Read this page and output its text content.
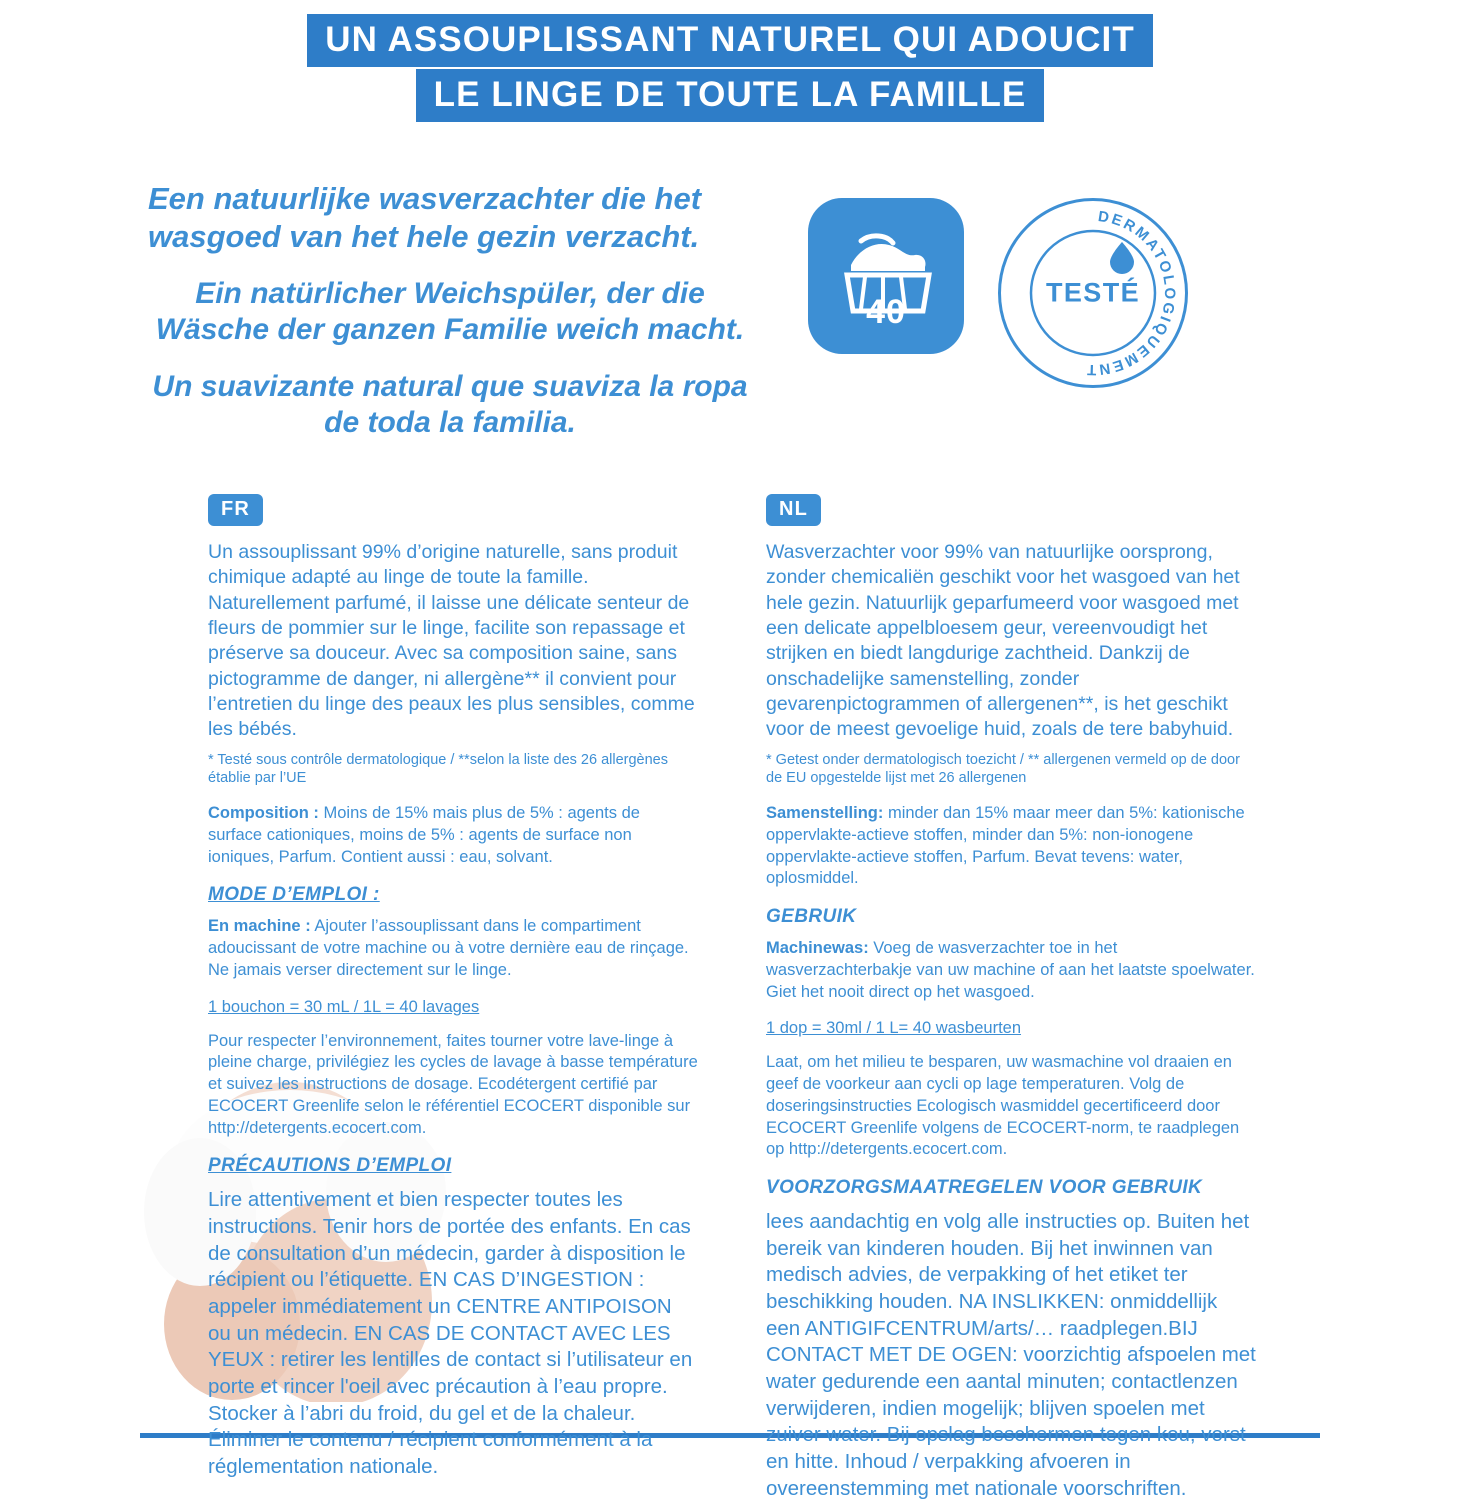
UN ASSOUPLISSANT NATUREL QUI ADOUCIT
LE LINGE DE TOUTE LA FAMILLE
Een natuurlijke wasverzachter die het wasgoed van het hele gezin verzacht.
Ein natürlicher Weichspüler, der die Wäsche der ganzen Familie weich macht.
Un suavizante natural que suaviza la ropa de toda la familia.
40
DERMATOLOGIQUEMENT
TESTÉ
FR

Un assouplissant 99% d’origine naturelle, sans produit chimique adapté au linge de toute la famille. Naturellement parfumé, il laisse une délicate senteur de fleurs de pommier sur le linge, facilite son repassage et préserve sa douceur. Avec sa composition saine, sans pictogramme de danger, ni allergène** il convient pour l’entretien du linge des peaux les plus sensibles, comme les bébés.

* Testé sous contrôle dermatologique / **selon la liste des 26 allergènes établie par l’UE

Composition : Moins de 15% mais plus de 5% : agents de surface cationiques, moins de 5% : agents de surface non ioniques, Parfum. Contient aussi : eau, solvant.

MODE D’EMPLOI :

En machine : Ajouter l’assouplissant dans le compartiment adoucissant de votre machine ou à votre dernière eau de rinçage. Ne jamais verser directement sur le linge.

1 bouchon = 30 mL / 1L = 40 lavages

Pour respecter l’environnement, faites tourner votre lave-linge à pleine charge, privilégiez les cycles de lavage à basse température et suivez les instructions de dosage. Ecodétergent certifié par ECOCERT Greenlife selon le référentiel ECOCERT disponible sur http://detergents.ecocert.com.

PRÉCAUTIONS D’EMPLOI

Lire attentivement et bien respecter toutes les instructions. Tenir hors de portée des enfants. En cas de consultation d’un médecin, garder à disposition le récipient ou l’étiquette. EN CAS D’INGESTION : appeler immédiatement un CENTRE ANTIPOISON ou un médecin. EN CAS DE CONTACT AVEC LES YEUX : retirer les lentilles de contact si l’utilisateur en porte et rincer l'oeil avec précaution à l’eau propre. Stocker à l’abri du froid, du gel et de la chaleur. Éliminer le contenu / récipient conformément à la réglementation nationale.

NL

Wasverzachter voor 99% van natuurlijke oorsprong, zonder chemicaliën geschikt voor het wasgoed van het hele gezin. Natuurlijk geparfumeerd voor wasgoed met een delicate appelbloesem geur, vereenvoudigt het strijken en biedt langdurige zachtheid. Dankzij de onschadelijke samenstelling, zonder gevarenpictogrammen of allergenen**, is het geschikt voor de meest gevoelige huid, zoals de tere babyhuid.

* Getest onder dermatologisch toezicht / ** allergenen vermeld op de door de EU opgestelde lijst met 26 allergenen

Samenstelling: minder dan 15% maar meer dan 5%: kationische oppervlakte-actieve stoffen, minder dan 5%: non-ionogene oppervlakte-actieve stoffen, Parfum. Bevat tevens: water, oplosmiddel.

GEBRUIK

Machinewas: Voeg de wasverzachter toe in het wasverzachterbakje van uw machine of aan het laatste spoelwater. Giet het nooit direct op het wasgoed.

1 dop = 30ml / 1 L= 40 wasbeurten

Laat, om het milieu te besparen, uw wasmachine vol draaien en geef de voorkeur aan cycli op lage temperaturen. Volg de doseringsinstructies Ecologisch wasmiddel gecertificeerd door ECOCERT Greenlife volgens de ECOCERT-norm, te raadplegen op http://detergents.ecocert.com.

VOORZORGSMAATREGELEN VOOR GEBRUIK

lees aandachtig en volg alle instructies op. Buiten het bereik van kinderen houden. Bij het inwinnen van medisch advies, de verpakking of het etiket ter beschikking houden. NA INSLIKKEN: onmiddellijk een ANTIGIFCENTRUM/arts/… raadplegen.BIJ CONTACT MET DE OGEN: voorzichtig afspoelen met water gedurende een aantal minuten; contactlenzen verwijderen, indien mogelijk; blijven spoelen met zuiver water. Bij opslag beschermen tegen kou, vorst en hitte. Inhoud / verpakking afvoeren in overeenstemming met nationale voorschriften.
